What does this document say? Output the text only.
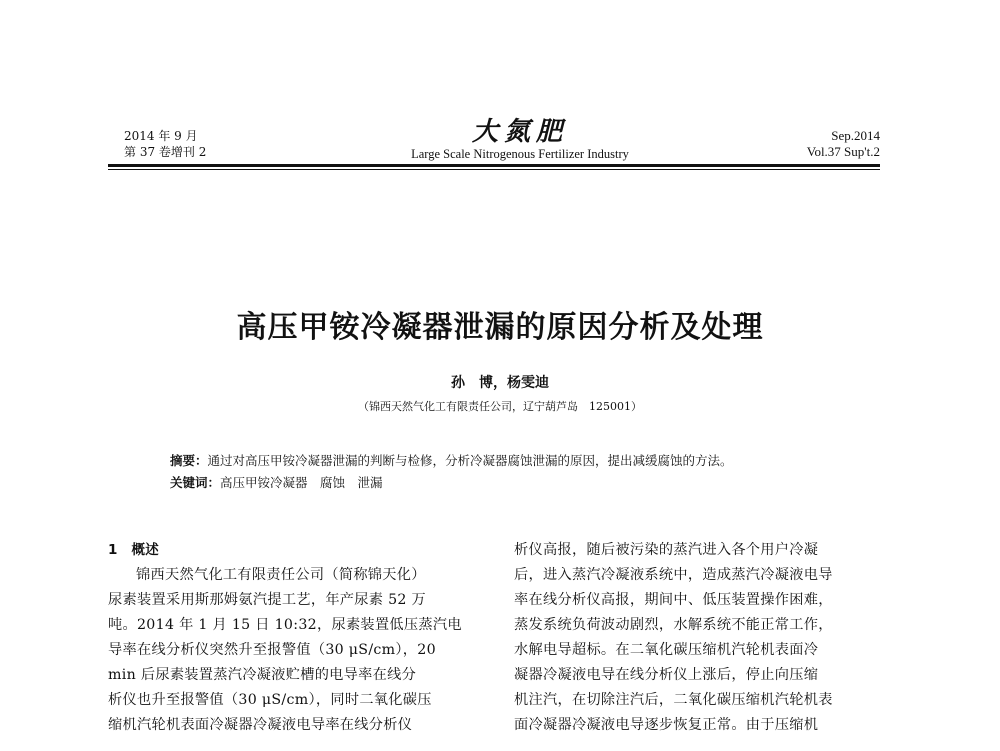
2014 年 9 月
第 37 卷增刊 2
大氮肥
Large Scale Nitrogenous Fertilizer Industry
Sep.2014
Vol.37 Sup't.2
高压甲铵冷凝器泄漏的原因分析及处理
孙　博，杨雯迪
（锦西天然气化工有限责任公司，辽宁葫芦岛　125001）
摘要：通过对高压甲铵冷凝器泄漏的判断与检修，分析冷凝器腐蚀泄漏的原因，提出减缓腐蚀的方法。
关键词：高压甲铵冷凝器　腐蚀　泄漏
1　概述
锦西天然气化工有限责任公司（简称锦天化）
尿素装置采用斯那姆氨汽提工艺，年产尿素 52 万
吨。2014 年 1 月 15 日 10:32，尿素装置低压蒸汽电
导率在线分析仪突然升至报警值（30 μS/cm），20
min 后尿素装置蒸汽冷凝液贮槽的电导率在线分
析仪也升至报警值（30 μS/cm），同时二氧化碳压
缩机汽轮机表面冷凝器冷凝液电导率在线分析仪
析仪高报，随后被污染的蒸汽进入各个用户冷凝
后，进入蒸汽冷凝液系统中，造成蒸汽冷凝液电导
率在线分析仪高报，期间中、低压装置操作困难，
蒸发系统负荷波动剧烈，水解系统不能正常工作，
水解电导超标。在二氧化碳压缩机汽轮机表面冷
凝器冷凝液电导在线分析仪上涨后，停止向压缩
机注汽，在切除注汽后，二氧化碳压缩机汽轮机表
面冷凝器冷凝液电导逐步恢复正常。由于压缩机
